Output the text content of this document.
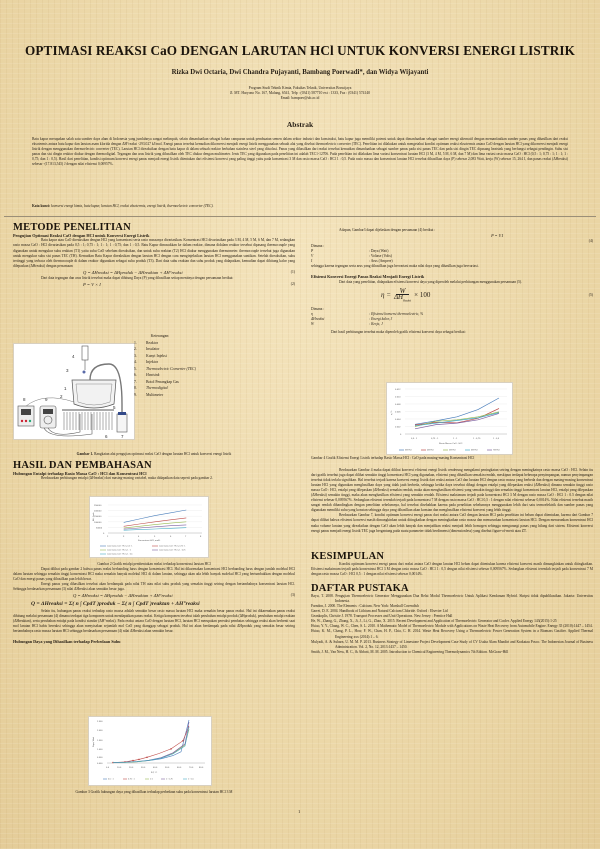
OPTIMASI REAKSI CaO DENGAN LARUTAN HCl UNTUK KONVERSI ENERGI LISTRIK
Rizka Dwi Octaria, Dwi Chandra Pujayanti, Bambang Poerwadi*, dan Widya Wijayanti
Program Studi Teknik Kimia, Fakultas Teknik, Universitas Brawijaya
Jl. MT. Haryono No. 167, Malang, 6541, Telp : (0341) 587710 ext : 1333, Fax : (0341) 574140
Email: bampoer@ub.ac.id
Abstrak
Batu kapur merupakan salah satu sumber daya alam di Indonesia yang jumlahnya sangat melimpah, selain dimanfaatkan sebagai bahan campuran untuk pembuatan semen dalam sektor industri dan konstruksi, batu kapur juga memiliki potensi untuk dapat dimanfaatkan sebagai sumber energi alternatif dengan memanfaatkan sumber panas yang dihasilkan dari reaksi eksotermis antara batu kapur dan larutan asam klorida dengan ΔH°reaksi -293.027 kJ/mol. Energi panas tersebut kemudian dikonversi menjadi energi listrik menggunakan sebuah alat yang disebut thermoelectric converter (TEC). Penelitian ini dilakukan untuk mengetahui kondisi optimum reaksi eksotermis antara CaO dengan larutan HCl yang dikonversi menjadi energi listrik dengan menggunakan thermoelectric converter (TEC). Larutan HCl direaksikan dengan batu kapur di dalam sebuah reaktor berbahan stainless steel yang diisolasi. Panas yang dihasilkan dari reaksi tersebut kemudian dimanfaatkan sebagai sumber panas pada sisi panas TEC dan pada sisi dingin TEC dipasang heatsink yang berfungsi sebagai pendingin. Suhu sisi panas dan sisi dingin reaktor diukur dengan thermodigital. Tegangan dan arus listrik yang dihasilkan oleh TEC diukur dengan multimeter. Jenis TEC yang digunakan pada penelitian ini adalah TEC1-12706. Pada penelitian ini dilakukan lima variasi konsentrasi larutan HCl (3 M, 4 M, 5 M, 6 M, dan 7 M) dan lima variasi rasio massa CaO : HCl (0,5 : 1; 0,75 : 1; 1 : 1; 1 : 0,75; dan 1 : 0,5). Hasil dari penelitian, kondisi optimum konversi energi panas menjadi energi listrik ditentukan dari efisiensi konversi yang paling tinggi yaitu pada konsentrasi 3 M dan rasio massa CaO : HCl 1 : 0,5. Pada rasio massa dan konsentrasi larutan HCl tersebut dihasilkan daya (P) sebesar 2,083 Watt, kerja (W) sebesar 15, 264 J, dan panas reaksi (ΔHreaksi) sebesar -(17.813,545) J dengan nilai efisiensi 0,00957%.
Kata kunci: konversi energi kimia, batu kapur, larutan HCl, reaksi eksotermis, energi listrik, thermoelectric converter (TEC).
METODE PENELITIAN
Pengujian Optimasi Reaksi CaO dengan HCl untuk Konversi Energi Listrik
Batu kapur atau CaO direaksikan dengan HCl yang konsentrasi serta rasio massanya divariasikan. Konsentrasi HCl divariasikan pada 3 M, 4 M, 5 M, 6 M, dan 7 M, sedangkan rasio massa CaO : HCl divariasikan pada 0,5 : 1; 0,75 : 1; 1 : 1; 1 : 0,75; dan 1 : 0,5. Batu Kapur dimasukkan ke dalam reaktor, dimana didalam reaktor tersebut dipasang thermocouple yang digunakan untuk mengukur suhu reaktan (T1) yaitu suhu CaO sebelum direaksikan, dan untuk suhu reaktan (T2) HCl diukur menggunakan thermometer. thermocouple tersebut juga digunakan untuk mengukur suhu sisi panas TEC (TH). Kemudian Batu Kapur direaksikan dengan larutan HCl dengan cara menginjeksikan larutan HCl menggunakan suntikan. Setelah direaksikan, suhu tertinggi yang terbaca oleh thermocouple di dalam reaktor digunakan sebagai suhu produk (T3). Dari data suhu reaktan dan suhu produk yang didapatkan, kemudian dapat dihitung kalor yang dilepaskan (ΔHreaksi) dengan persamaan
Q = ΔHreaksi = ΔHproduk − ΔHreaktan + ΔH°reaksi	(1)
Dari data tegangan dan arus listrik tersebut maka dapat dihitung Daya (P) yang dihasilkan setiap menitnya dengan persamaan berikut:
P = V × I	(2)
4
3
1
2
7
5
6
8	9
Keterangan:
1. Reaktor
2. Insulator
3. Kunyi Injeksi
4. Injektor
5. Thermoelectric Converter (TEC)
6. Heatsink
7. Botol Penangkap Gas
8. Thermodigital
9. Multimeter
Gambar 1. Rangkaian alat pengujian optimasi reaksi CaO dengan larutan HCl untuk konversi energi listrik
HASIL DAN PEMBAHASAN
Hubungan Entalpi terhadap Rasio Massa CaO : HCl dan Konsentrasi HCl
Berdasarkan perhitungan entalpi (ΔHreaksi) dari masing-masing variabel, maka didapatkan data seperti pada gambar 2.
250000
200000
150000
100000
50000
0
2	3	4	5	6	7	8
Konsentrasi HCl, mol/L
rasio massa CaO : HCl = 0,5 : 1	rasio massa CaO : HCl = 0,75 : 1
rasio massa CaO : HCl = 1 : 1	rasio massa CaO : HCl = 1 : 0,75
rasio massa CaO : HCl = 1 : 0,5
ΔH, Joule
Gambar 2 Grafik entalpi pembentukan reaksi terhadap konsentrasi larutan HCl
Dapat dilihat pada gambar 2 bahwa panas reaksi berbanding lurus dengan konsentrasi HCl. Hal ini dikarenakan konsentrasi HCl berbanding lurus dengan jumlah molekul HCl dalam larutan sehingga semakin tinggi konsentrasi HCl maka semakin banyak molekul HCl di dalam larutan, sehingga akan ada lebih banyak molekul HCl yang bertumbukkan dengan molekul CaO dan energi panas yang dihasilkan pun lebih besar.
Energi panas yang dihasilkan tersebut akan berdampak pada nilai TH atau nilai suhu produk yang semakin tinggi seiring dengan bertambahnya konsentrasi larutan HCl. Sehingga berdasarkan persamaan (3) nilai ΔHreaksi akan semakin besar juga.
Q = ΔHreaksi = ΔHproduk − ΔHreaktan + ΔH°reaksi	(3)
Q = ΔHreaksi = Σ( n ∫ CpdT )produk − Σ( n ∫ CpdT )reaktan + ΔH°reaksi
Selain itu, hubungan panas reaksi terhadap rasio massa adalah semakin besar rasio massa larutan HCl maka semakin besar panas reaksi. Hal ini dikarenakan panas reaksi dihitung melalui persamaan (4) dimana terdapat tiga komponen untuk mendapatkan panas reaksi. Ketiga komponen tersebut ialah perubahan entalpi produk (ΔHproduk), perubahan entalpi reaktan (ΔHreaktan), serta perubahan entalpi pada kondisi standar (ΔH°reaksi). Pada reaksi antara CaO dengan larutan HCl, larutan HCl merupakan pereaksi pembatas sehingga reaksi akan berhenti saat mol larutan HCl habis bereaksi sehingga akan menyisakan sejumlah mol CaO yang dianggap sebagai produk. Hal ini akan berdampak pada nilai ΔHproduk yang semakin besar seiring bertambahnya rasio massa larutan HCl sehingga berdasarkan persamaan (4) nilai ΔHreaksi akan semakin besar.
Hubungan Daya yang Dihasilkan terhadap Perbedaan Suhu
2.500
2.000
1.500
1.000
0.500
0.000
0.0	10.0	20.0	30.0	40.0	50.0	60.0	70.0	80.0
ΔT, °C
Daya, Watt
0,5 : 1	0,75 : 1	1:1	1 : 0,75	1 : 0,5
Gambar 3 Grafik hubungan daya yang dihasilkan terhadap perbedaan suhu pada konsentrasi larutan HCl 3 M
Adapun, Gambar3 dapat dijelaskan dengan persamaan (4) berikut :
P = V.I
(4)
Dimana :
P	: Daya (Watt)
V	: Voltase (Volts)
I	: Arus (Ampere)
sehingga karena tegangan serta arus yang dihasilkan juga bervariasi maka nilai daya yang dihasilkan juga bervariasi.
Efisiensi Konversi Energi Panas Reaksi Menjadi Energi Listrik
Dari data yang penelitian, didapatkan efisiensi konversi daya yang diperoleh melalui perhitungan menggunakan persamaan (5).
η =
W
$\Delta H_{Reaksi}$
× 100	(5)
Dimana :
η	: Efisiensi konversi thermoelectric, %
ΔHreaksi	: Energi kalor, J
W	: Kerja, J
Dari hasil perhitungan tersebut maka diperoleh grafik efisiensi konversi daya sebagai berikut:
0.012
0.010
0.008
0.006
0.004
0.002
0
0,5 : 1	0,75 : 1	1 : 1	1 : 0,75	1 : 0,5
Rasio Massa CaO : HCl
η, %
3M HCl	4M HCl	5M HCl	6M HCl	7M HCl
Gambar 4 Grafik Efisiensi Energi Listrik terhadap Rasio Massa HCl : CaO pada masing-masing Konsentrasi HCl
Berdasarkan Gambar 4 maka dapat dilihat konversi efisiensi energi listrik cenderung mengalami peningkatan seiring dengan meningkatnya rasio massa CaO : HCl. Selain itu dari grafik tersebut juga dapat dilihat semakin tinggi konsentrasi HCl yang digunakan, efisiensi yang dihasilkan semakin rendah, meskipun terdapat beberapa penyimpangan, namun penyimpangan tersebut tidak terlalu signifikan. Hal tersebut terjadi karena konversi energi listrik dari reaksi antara CaO dan larutan HCl dengan rasio massa yang berbeda dan dengan masing-masing konsentrasi larutan HCl yang digunakan menghasilkan daya yang tidak jauh berbeda, sehingga ketika daya tersebut dibagi dengan entalpi yang dilepaskan reaksi (ΔHreaksi) dimana semakin tinggi rasio massa CaO : HCl, entalpi yang dilepaskan (ΔHreaksi) semakin rendah, maka akan menghasilkan efisiensi yang semakin tinggi dan semakin tinggi konsentrasi larutan HCl, entalpi yang dilepaskan (ΔHreaksi) semakin tinggi, maka akan menghasilkan efisiensi yang semakin rendah. Efisiensi maksimum terjadi pada konsentrasi HCl 3 M dengan rasio massa CaO : HCl 1 : 0.5 dengan nilai efisiensi sebesar 0,009567%. Sedangkan efisiensi terendah terjadi pada konsentrasi 7 M dengan rasio massa CaO : HCl 0,5 : 1 dengan nilai efisiensi sebesar 0,0014%. Nilai efisiensi tersebut masih sangat rendah dibandingkan dengan penelitian sebelumnya, hal tersebut disebabkan karena pada penelitian sebelumnya menggunakan lebih dari satu termoelektrik dan sumber panas yang digunakan memiliki suhu yang konstan sehingga daya yang dihasilkan akan konstan dan menghasilkan efisiensi konversi yang lebih tinggi.
Berdasarkan Gambar 7, kondisi optimum konversi energi panas dari reaksi antara CaO dengan larutan HCl pada penelitian ini belum dapat ditentukan, karena dari Gambar 7 dapat dilihat bahwa efisiensi konversi masih dimungkinkan untuk ditingkatkan dengan meningkatkan rasio massa dan menurunkan konsentrasi larutan HCl. Dengan menurunkan konsentrasi HCl maka volume larutan yang direaksikan dengan CaO akan lebih banyak dan menjadikan reaksi menjadi lebih homogen sehingga mengurangi panas yang hilang dari sistem. Efisiensi konversi energi panas menjadi energi listrik TEC juga bergantung pada suatu parameter tidak berdimensi (dimensionless) yang disebut figure-of-merit atau ZT.
KESIMPULAN
Kondisi optimum konversi energi panas dari reaksi antara CaO dengan larutan HCl belum dapat ditentukan karena efisiensi konversi masih dimungkinkan untuk ditingkatkan. Efisiensi maksimum terjadi pada konsentrasi HCl 3 M dengan rasio massa CaO : HCl 1 : 0,5 dengan nilai efisiensi sebesar 0,009567%. Sedangkan efisiensi terendah terjadi pada konsentrasi 7 M dengan rasio massa CaO : HCl 0,5 : 1 dengan nilai efisiensi sebesar 0,0014%.
DAFTAR PUSTAKA
Bayu, T. 2008. Pengujian Thermoelectric Generator Menggunakan Dua Relai Modul Thermoelectric Untuk Aplikasi Kendaraan Hybrid. Skripsi tidak dipublikasikan. Jakarta: Universitas Indonesia.
Farndon, J. 2000. The Elements : Calcium. New York: Marshall Cavendish
Garret, D. E. 2004. Handbook of Lithium and Natural Calcium Chloride. Oxford : Elsevier Ltd
Geankoplis, Christie J. 1978. Transport Processes and Unit Operations. New Jersey : Prentice Hall
He, W., Zhang, G., Zhang, X., Ji, J., Li, G., Zhao, X. 2015. Recent Development and Application of Thermoelectric Generator and Cooler. Applied Energy 143(2015):1-25
Hsiao, Y. Y., Chang, W. C., Chen, S. L. 2010. A Mathematic Model of Thermoelectric Module with Applications on Waste Heat Recovery from Automobile Engine. Energy 35 (2010):1447 – 1454.
Hsiao, K. M., Chang, P. L., How, F. W., Chan, H. P., Chia, C. H. 2014. Waste Heat Recovery Using a Thermoelectric Power Generation System in a Biomass Gasifier. Applied Thermal Engineering xxx (2014):1 – 6.
Mulyadi, A. & Suharn, U. M. M. P. 2013. Business Strategy of Limestone Project Development Case Study of CV Usaha Alam Mandiri and Krakatau Posco. The Indonesian Journal of Business Administration. Vol. 2, No. 12, 2013:1437 – 1450.
Smith, J. M., Van Ness, H. C., & Abbott, M. M. 2005. Introduction to Chemical Engineering Thermodynamics 7th Edition. McGraw-Hill
1
